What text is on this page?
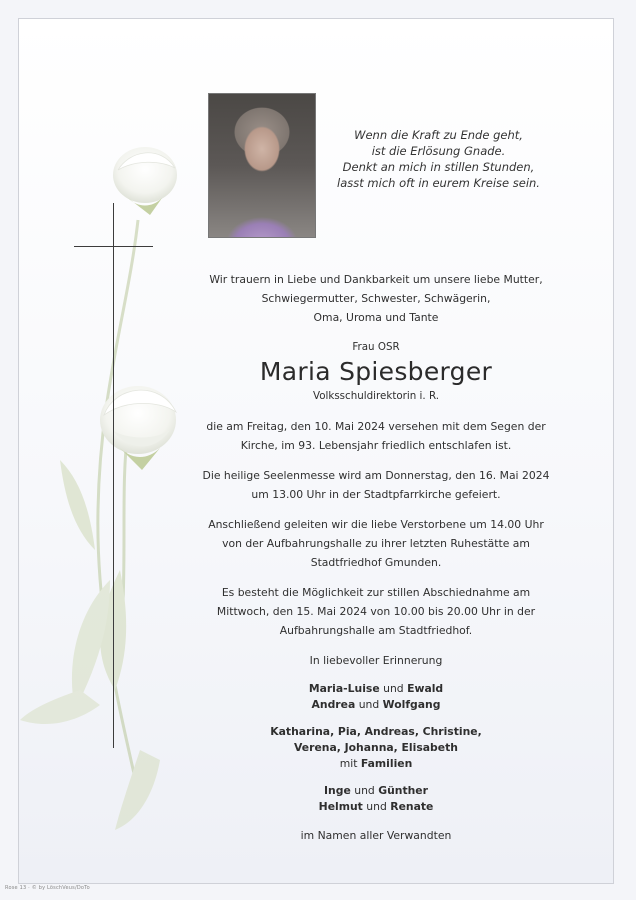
Wenn die Kraft zu Ende geht,
ist die Erlösung Gnade.
Denkt an mich in stillen Stunden,
lasst mich oft in eurem Kreise sein.
Wir trauern in Liebe und Dankbarkeit um unsere liebe Mutter,
Schwiegermutter, Schwester, Schwägerin,
Oma, Uroma und Tante
Frau OSR
Maria Spiesberger
Volksschuldirektorin i. R.
die am Freitag, den 10. Mai 2024 versehen mit dem Segen der
Kirche, im 93. Lebensjahr friedlich entschlafen ist.
Die heilige Seelenmesse wird am Donnerstag, den 16. Mai 2024
um 13.00 Uhr in der Stadtpfarrkirche gefeiert.
Anschließend geleiten wir die liebe Verstorbene um 14.00 Uhr
von der Aufbahrungshalle zu ihrer letzten Ruhestätte am
Stadtfriedhof Gmunden.
Es besteht die Möglichkeit zur stillen Abschiednahme am
Mittwoch, den 15. Mai 2024 von 10.00 bis 20.00 Uhr in der
Aufbahrungshalle am Stadtfriedhof.
In liebevoller Erinnerung
Maria-Luise und Ewald
Andrea und Wolfgang
Katharina, Pia, Andreas, Christine,
Verena, Johanna, Elisabeth
mit Familien
Inge und Günther
Helmut und Renate
im Namen aller Verwandten
Rose 13 · © by LöschVeus/DoTo
